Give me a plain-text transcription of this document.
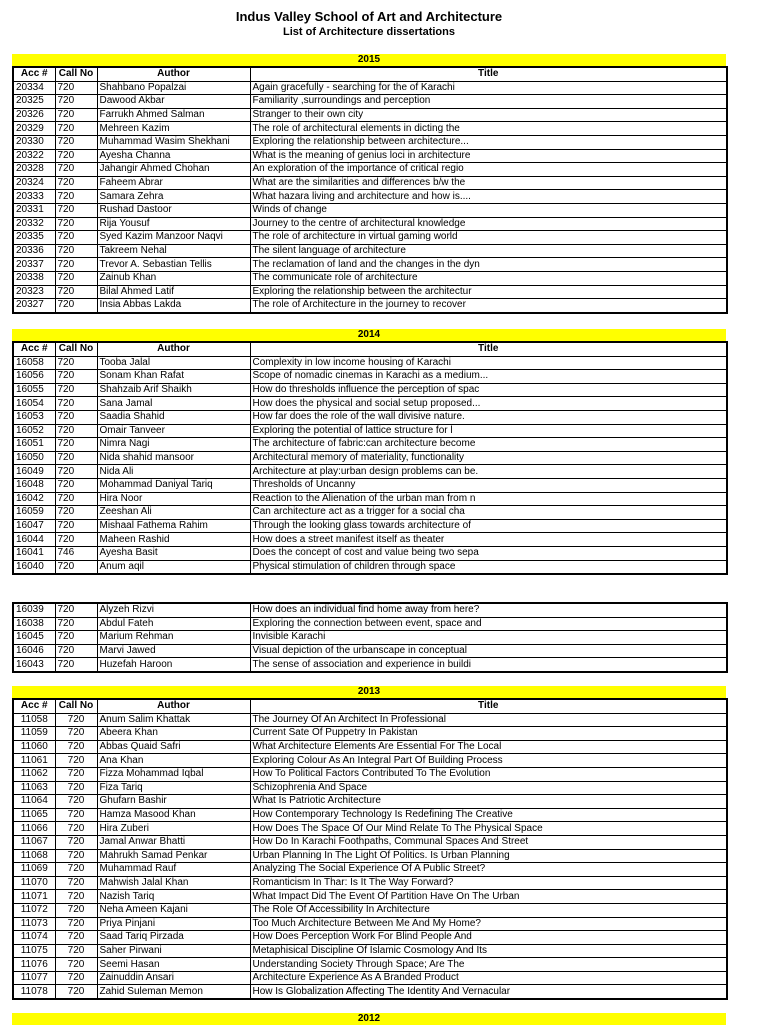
Indus Valley School of Art and Architecture
List of Architecture dissertations
2015
Acc #	Call No	Author	Title
20334	720	Shahbano Popalzai	Again gracefully - searching for the of Karachi
20325	720	Dawood Akbar	Familiarity ,surroundings and perception
20326	720	Farrukh Ahmed Salman	Stranger to their own city
20329	720	Mehreen Kazim	The role of architectural elements in dicting the
20330	720	Muhammad Wasim Shekhani	Exploring the relationship between architecture...
20322	720	Ayesha Channa	What is the meaning of genius loci in architecture
20328	720	Jahangir Ahmed Chohan	An exploration of the importance of critical regio
20324	720	Faheem Abrar	What are the similarities and differences b/w the
20333	720	Samara Zehra	What hazara living and architecture and how is....
20331	720	Rushad Dastoor	Winds of change
20332	720	Rija Yousuf	Journey to the centre of architectural knowledge
20335	720	Syed Kazim Manzoor Naqvi	The role of architecture in virtual gaming world
20336	720	Takreem Nehal	The silent language of architecture
20337	720	Trevor A. Sebastian Tellis	The reclamation of land and the changes in the dyn
20338	720	Zainub Khan	The communicate role of architecture
20323	720	Bilal Ahmed Latif	Exploring the relationship between the architectur
20327	720	Insia Abbas Lakda	The role of Architecture in the journey to recover
2014
Acc #	Call No	Author	Title
16058	720	Tooba Jalal	Complexity in low income housing of Karachi
16056	720	Sonam Khan Rafat	Scope of nomadic cinemas in Karachi as a medium...
16055	720	Shahzaib Arif Shaikh	How do thresholds influence the perception of spac
16054	720	Sana Jamal	How does the physical and social setup proposed...
16053	720	Saadia Shahid	How far does the role of the wall divisive nature.
16052	720	Omair Tanveer	Exploring the potential of lattice structure for l
16051	720	Nimra Nagi	The architecture of fabric:can architecture become
16050	720	Nida shahid mansoor	Architectural memory of materiality, functionality
16049	720	Nida Ali	Architecture at play:urban design problems can be.
16048	720	Mohammad Daniyal Tariq	Thresholds of Uncanny
16042	720	Hira Noor	Reaction to the Alienation of the urban man from n
16059	720	Zeeshan Ali	Can architecture act as a trigger for a social cha
16047	720	Mishaal Fathema Rahim	Through the looking glass towards architecture of
16044	720	Maheen Rashid	How does a street manifest itself as theater
16041	746	Ayesha Basit	Does the concept of cost and value being two sepa
16040	720	Anum aqil	Physical stimulation of children through space
16039	720	Alyzeh Rizvi	How does an individual find home away from here?
16038	720	Abdul Fateh	Exploring the connection between event, space and
16045	720	Marium Rehman	Invisible Karachi
16046	720	Marvi Jawed	Visual depiction of the urbanscape in conceptual
16043	720	Huzefah Haroon	The sense of association and experience in buildi
2013
Acc #	Call No	Author	Title
11058	720	Anum Salim Khattak	The Journey Of An Architect In Professional
11059	720	Abeera Khan	Current Sate Of Puppetry In Pakistan
11060	720	Abbas Quaid Safri	What Architecture Elements Are Essential For The Local
11061	720	Ana Khan	Exploring Colour As An Integral Part Of Building Process
11062	720	Fizza Mohammad Iqbal	How To Political Factors Contributed To The Evolution
11063	720	Fiza Tariq	Schizophrenia And Space
11064	720	Ghufarn Bashir	What Is Patriotic Architecture
11065	720	Hamza Masood Khan	How Contemporary Technology Is Redefining The Creative
11066	720	Hira Zuberi	How Does The Space Of Our Mind Relate To The Physical Space
11067	720	Jamal Anwar Bhatti	How Do In Karachi Foothpaths, Communal Spaces And Street
11068	720	Mahrukh Samad Penkar	Urban Planning In The Light Of Politics. Is Urban Planning
11069	720	Muhammad Rauf	Analyzing The Social Experience Of A Public Street?
11070	720	Mahwish Jalal Khan	Romanticism In Thar: Is It The Way Forward?
11071	720	Nazish Tariq	What Impact Did The Event Of Partition Have On The Urban
11072	720	Neha Ameen Kajani	The Role Of Accessibility In Architecture
11073	720	Priya Pinjani	Too Much Architecture Between Me And My Home?
11074	720	Saad Tariq Pirzada	How Does Perception Work For Blind People And
11075	720	Saher Pirwani	Metaphisical Discipline Of Islamic Cosmology And Its
11076	720	Seemi Hasan	Understanding Society Through Space; Are The
11077	720	Zainuddin Ansari	Architecture Experience As A Branded Product
11078	720	Zahid Suleman Memon	How Is Globalization Affecting The Identity And Vernacular
2012
